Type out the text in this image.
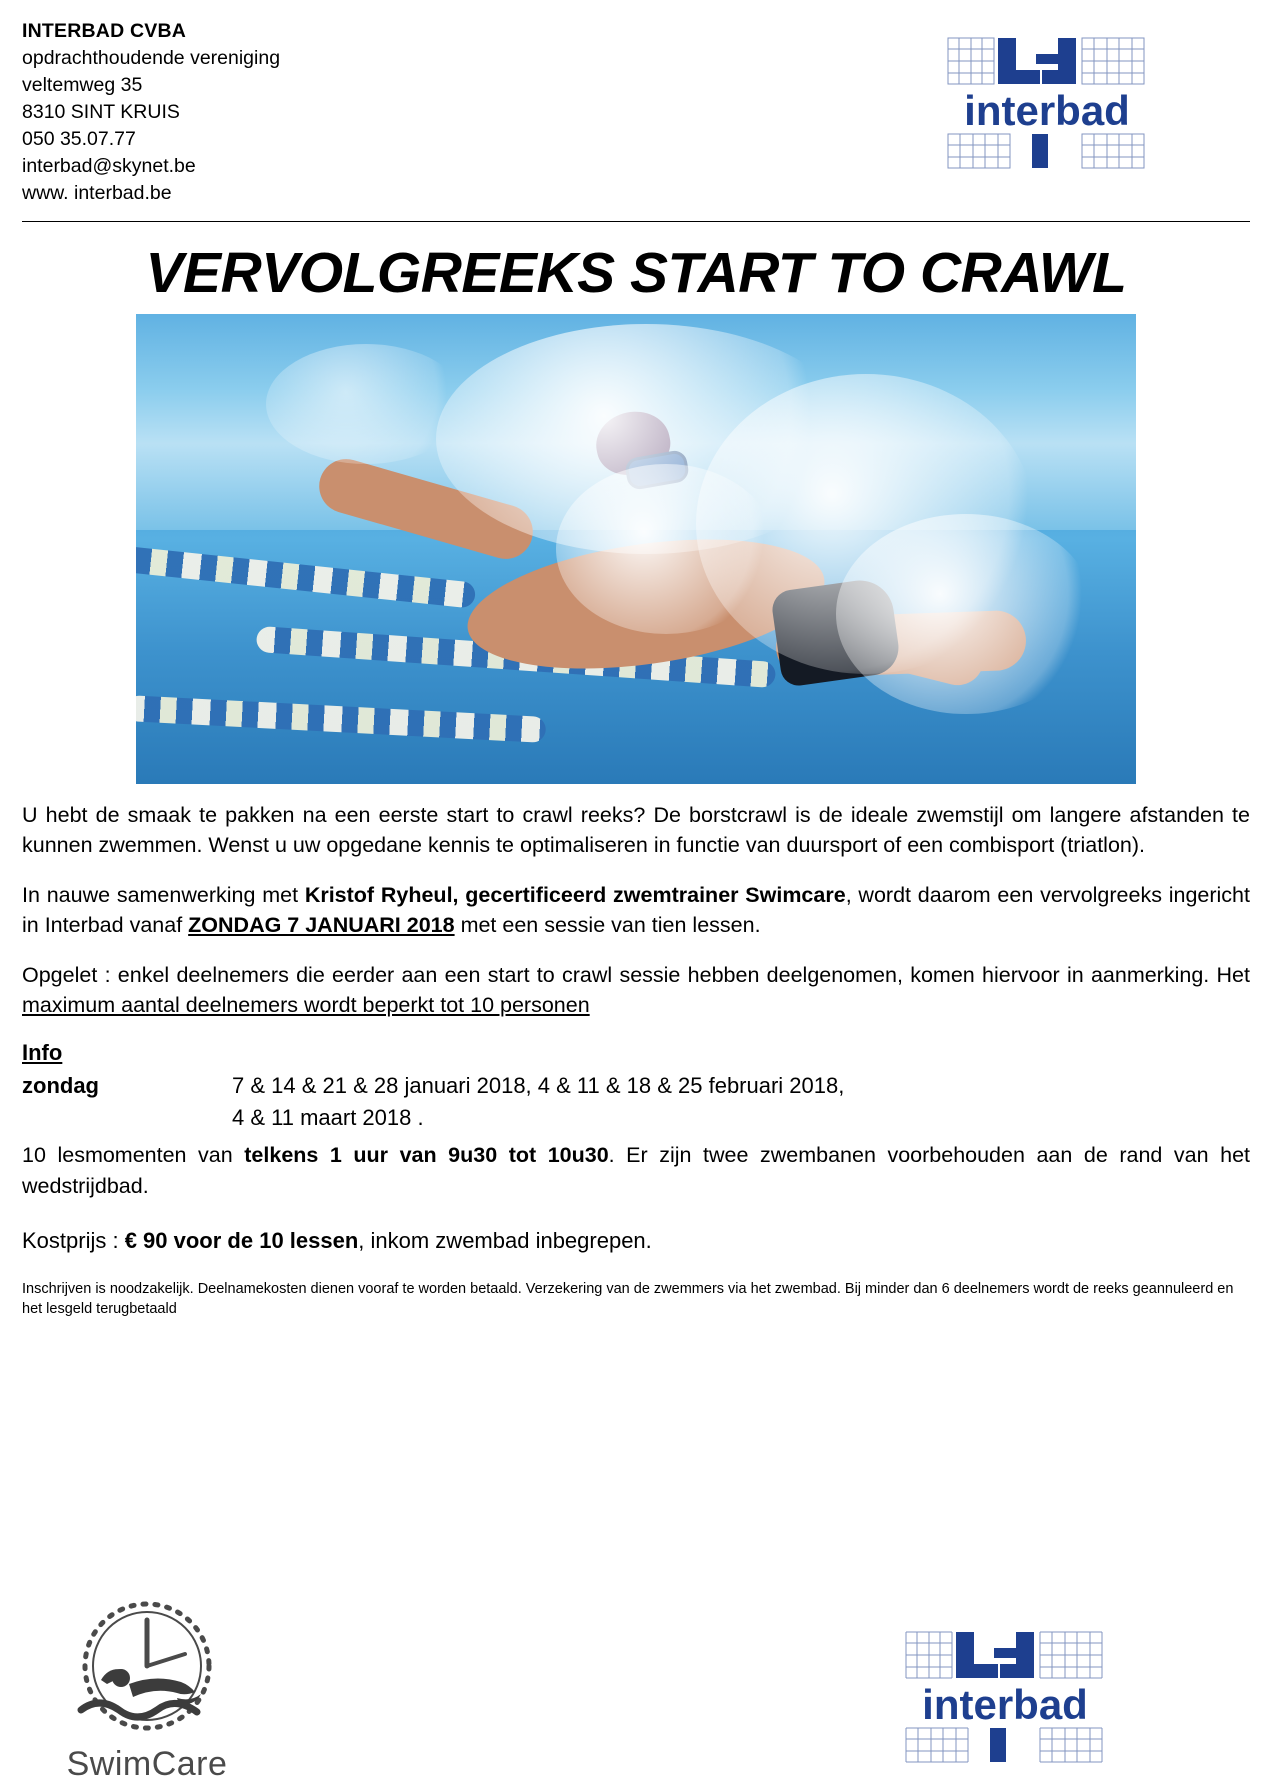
INTERBAD CVBA
opdrachthoudende vereniging
veltemweg 35
8310 SINT KRUIS
050 35.07.77
interbad@skynet.be
www. interbad.be
interbad
VERVOLGREEKS START TO CRAWL

U hebt de smaak te pakken na een eerste start to crawl reeks? De borstcrawl is de ideale zwemstijl om langere afstanden te kunnen zwemmen. Wenst u uw opgedane kennis te optimaliseren in functie van duursport of een combisport (triatlon).

In nauwe samenwerking met Kristof Ryheul, gecertificeerd zwemtrainer Swimcare, wordt daarom een vervolgreeks ingericht in Interbad vanaf ZONDAG 7 JANUARI 2018 met een sessie van tien lessen.

Opgelet : enkel deelnemers die eerder aan een start to crawl sessie hebben deelgenomen, komen hiervoor in aanmerking. Het maximum aantal deelnemers wordt beperkt tot 10 personen

Info
zondag	7 & 14 & 21 & 28 januari 2018, 4 & 11 & 18 & 25 februari 2018,
4 & 11 maart 2018 .

10 lesmomenten van telkens 1 uur van 9u30 tot 10u30. Er zijn twee zwembanen voorbehouden aan de rand van het wedstrijdbad.

Kostprijs : € 90 voor de 10 lessen, inkom zwembad inbegrepen.

Inschrijven is noodzakelijk. Deelnamekosten dienen vooraf te worden betaald. Verzekering van de zwemmers via het zwembad. Bij minder dan 6 deelnemers wordt de reeks geannuleerd en het lesgeld terugbetaald

SwimCare
interbad
